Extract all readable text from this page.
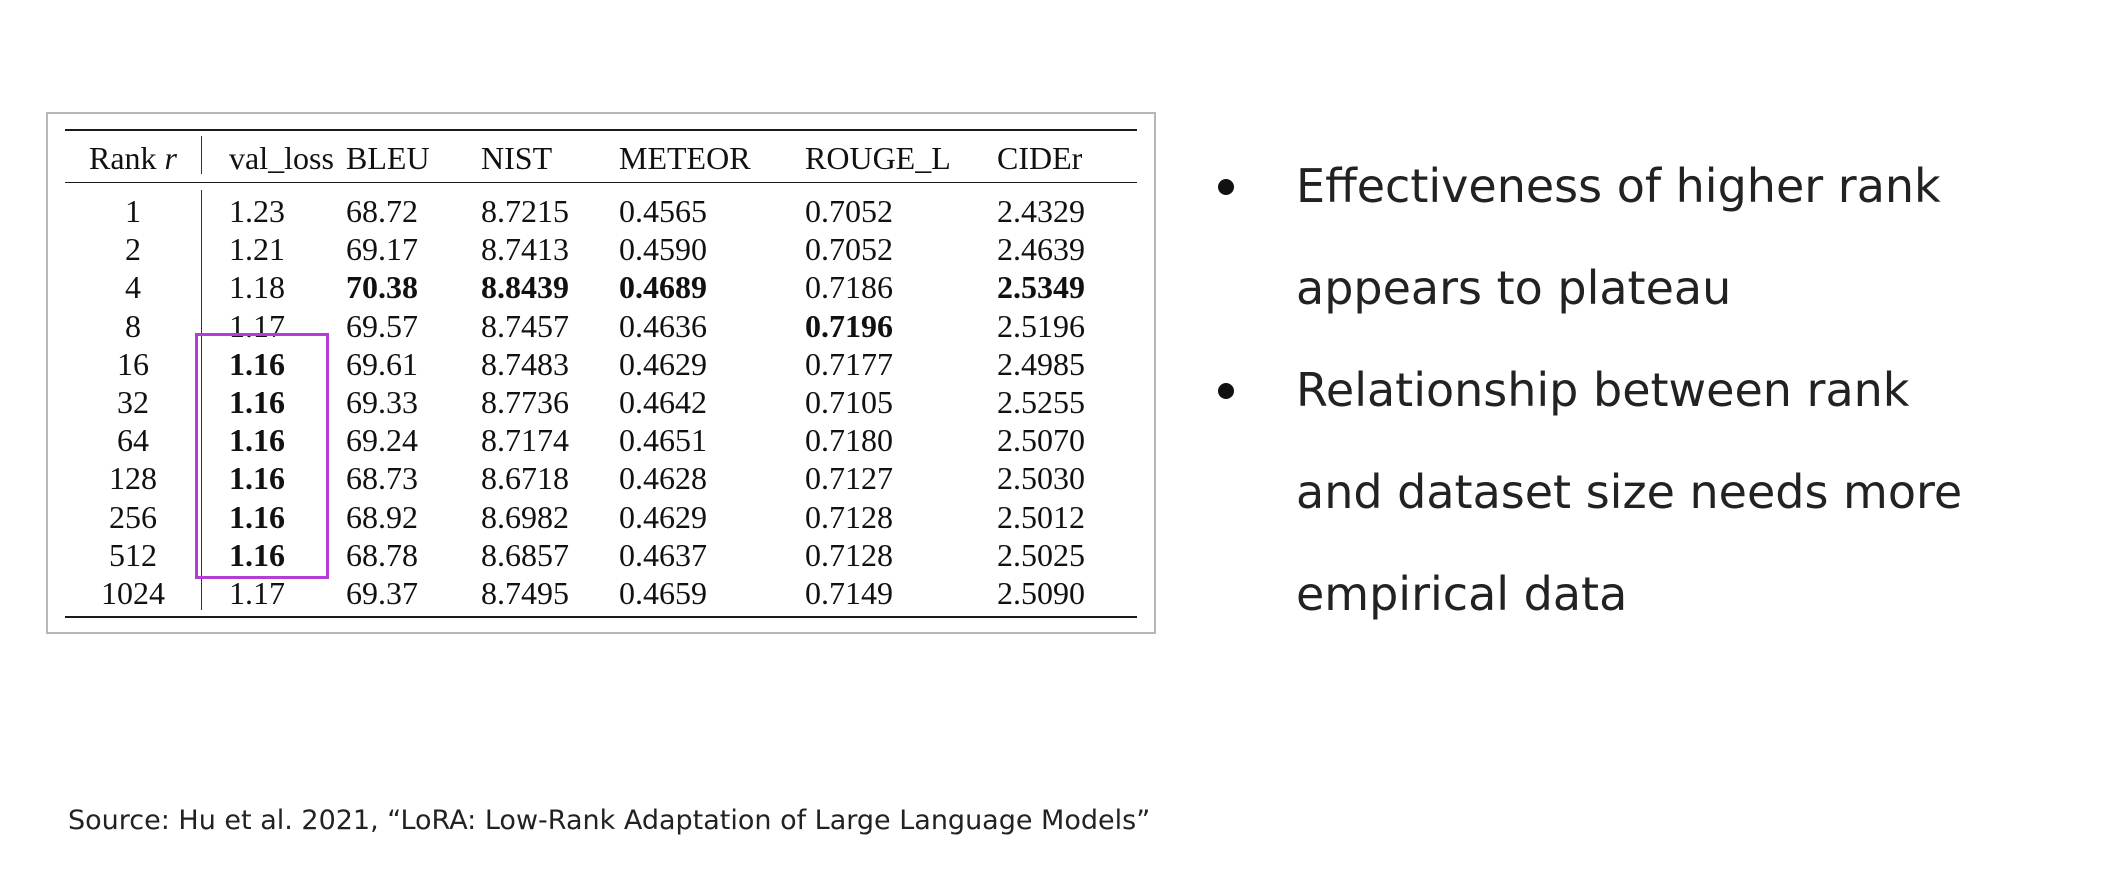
Rank r	val_loss	BLEU	NIST	METEOR	ROUGE_L	CIDEr
1	1.23	68.72	8.7215	0.4565	0.7052	2.4329
2	1.21	69.17	8.7413	0.4590	0.7052	2.4639
4	1.18	70.38	8.8439	0.4689	0.7186	2.5349
8	1.17	69.57	8.7457	0.4636	0.7196	2.5196
16	1.16	69.61	8.7483	0.4629	0.7177	2.4985
32	1.16	69.33	8.7736	0.4642	0.7105	2.5255
64	1.16	69.24	8.7174	0.4651	0.7180	2.5070
128	1.16	68.73	8.6718	0.4628	0.7127	2.5030
256	1.16	68.92	8.6982	0.4629	0.7128	2.5012
512	1.16	68.78	8.6857	0.4637	0.7128	2.5025
1024	1.17	69.37	8.7495	0.4659	0.7149	2.5090
Effectiveness of higher rank
appears to plateau
Relationship between rank
and dataset size needs more
empirical data
Source: Hu et al. 2021, “LoRA: Low-Rank Adaptation of Large Language Models”
